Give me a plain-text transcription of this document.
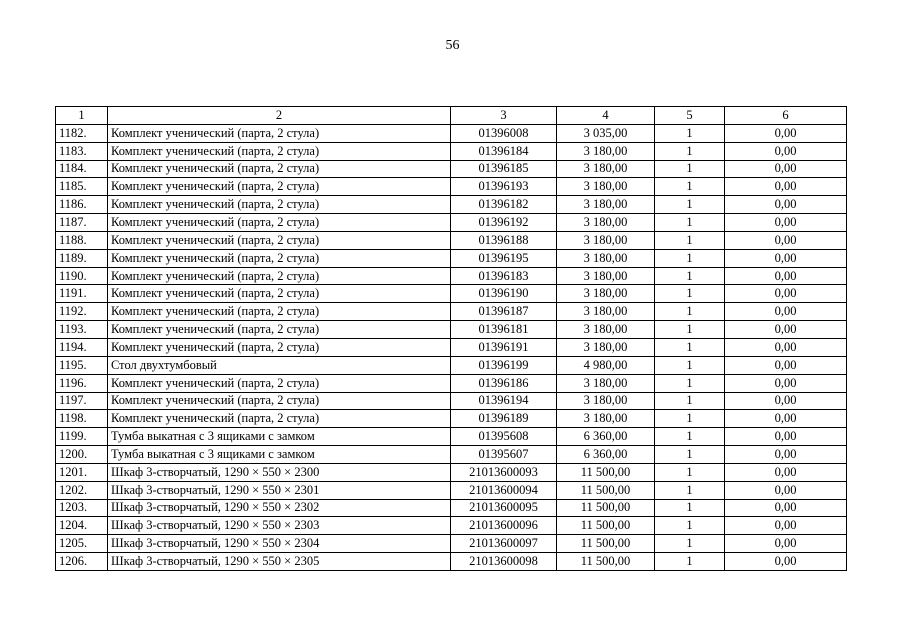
56
1	2	3	4	5	6
1182.	Комплект ученический (парта, 2 стула)	01396008	3 035,00	1	0,00
1183.	Комплект ученический (парта, 2 стула)	01396184	3 180,00	1	0,00
1184.	Комплект ученический (парта, 2 стула)	01396185	3 180,00	1	0,00
1185.	Комплект ученический (парта, 2 стула)	01396193	3 180,00	1	0,00
1186.	Комплект ученический (парта, 2 стула)	01396182	3 180,00	1	0,00
1187.	Комплект ученический (парта, 2 стула)	01396192	3 180,00	1	0,00
1188.	Комплект ученический (парта, 2 стула)	01396188	3 180,00	1	0,00
1189.	Комплект ученический (парта, 2 стула)	01396195	3 180,00	1	0,00
1190.	Комплект ученический (парта, 2 стула)	01396183	3 180,00	1	0,00
1191.	Комплект ученический (парта, 2 стула)	01396190	3 180,00	1	0,00
1192.	Комплект ученический (парта, 2 стула)	01396187	3 180,00	1	0,00
1193.	Комплект ученический (парта, 2 стула)	01396181	3 180,00	1	0,00
1194.	Комплект ученический (парта, 2 стула)	01396191	3 180,00	1	0,00
1195.	Стол двухтумбовый	01396199	4 980,00	1	0,00
1196.	Комплект ученический (парта, 2 стула)	01396186	3 180,00	1	0,00
1197.	Комплект ученический (парта, 2 стула)	01396194	3 180,00	1	0,00
1198.	Комплект ученический (парта, 2 стула)	01396189	3 180,00	1	0,00
1199.	Тумба выкатная с 3 ящиками с замком	01395608	6 360,00	1	0,00
1200.	Тумба выкатная с 3 ящиками с замком	01395607	6 360,00	1	0,00
1201.	Шкаф 3-створчатый, 1290 × 550 × 2300	21013600093	11 500,00	1	0,00
1202.	Шкаф 3-створчатый, 1290 × 550 × 2301	21013600094	11 500,00	1	0,00
1203.	Шкаф 3-створчатый, 1290 × 550 × 2302	21013600095	11 500,00	1	0,00
1204.	Шкаф 3-створчатый, 1290 × 550 × 2303	21013600096	11 500,00	1	0,00
1205.	Шкаф 3-створчатый, 1290 × 550 × 2304	21013600097	11 500,00	1	0,00
1206.	Шкаф 3-створчатый, 1290 × 550 × 2305	21013600098	11 500,00	1	0,00
